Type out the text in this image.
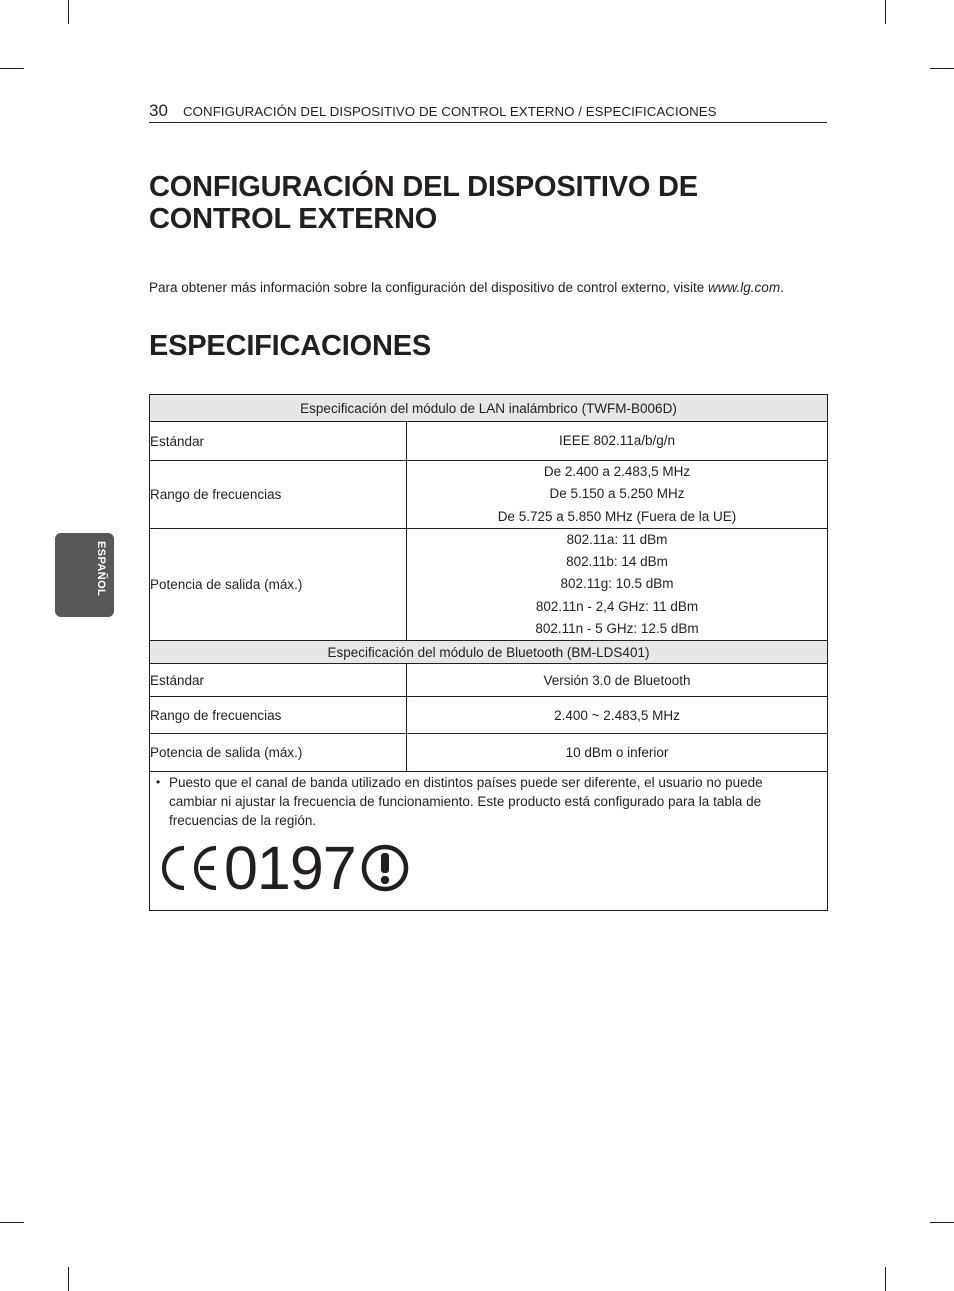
30 CONFIGURACIÓN DEL DISPOSITIVO DE CONTROL EXTERNO / ESPECIFICACIONES
ESPAÑOL
CONFIGURACIÓN DEL DISPOSITIVO DE CONTROL EXTERNO

Para obtener más información sobre la configuración del dispositivo de control externo, visite www.lg.com.

ESPECIFICACIONES
Especificación del módulo de LAN inalámbrico (TWFM-B006D)	
Estándar	IEEE 802.11a/b/g/n

Rango de frecuencias	De 2.400 a 2.483,5 MHz
De 5.150 a 5.250 MHz
De 5.725 a 5.850 MHz (Fuera de la UE)

Potencia de salida (máx.)	802.11a: 11 dBm
802.11b: 14 dBm
802.11g: 10.5 dBm
802.11n - 2,4 GHz: 11 dBm
802.11n - 5 GHz: 12.5 dBm

Especificación del módulo de Bluetooth (BM-LDS401)	
Estándar	Versión 3.0 de Bluetooth

Rango de frecuencias	2.400 ~ 2.483,5 MHz

Potencia de salida (máx.)	10 dBm o inferior

• Puesto que el canal de banda utilizado en distintos países puede ser diferente, el usuario no puede cambiar ni ajustar la frecuencia de funcionamiento. Este producto está configurado para la tabla de frecuencias de la región.
0197	
